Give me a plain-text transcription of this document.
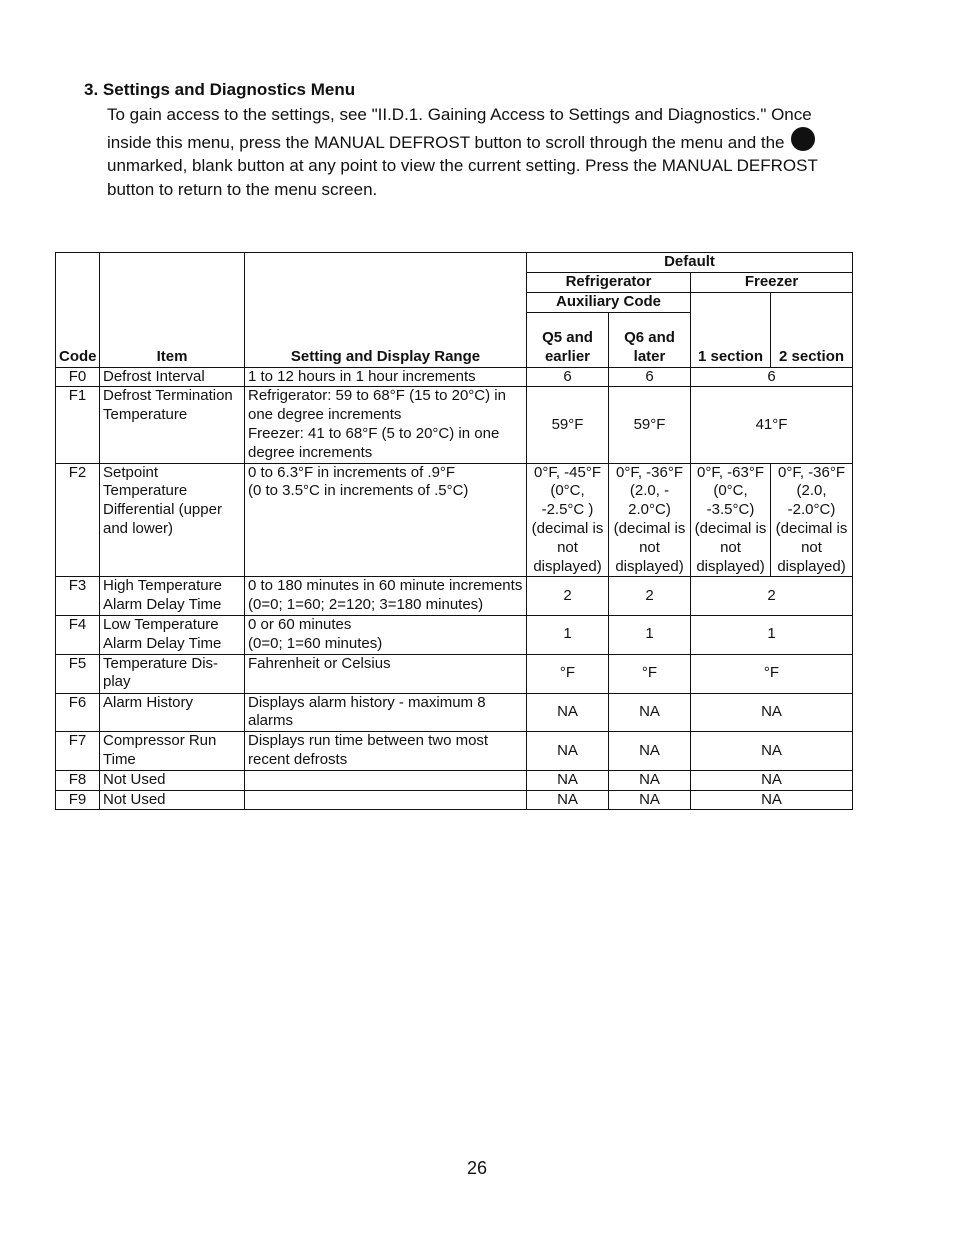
3. Settings and Diagnostics Menu

To gain access to the settings, see "II.D.1. Gaining Access to Settings and Diagnostics." Once inside this menu, press the MANUAL DEFROST button to scroll through the menu and the  unmarked, blank button at any point to view the current setting. Press the MANUAL DEFROST button to return to the menu screen.

Code	Item	Setting and Display Range	Default			
			Refrigerator		Freezer	
			Auxiliary Code		1 section	2 section
			Q5 and earlier	Q6 and later		
F0	Defrost Interval	1 to 12 hours in 1 hour increments	6	6	6	
F1	Defrost Termination Temperature	Refrigerator: 59 to 68°F (15 to 20°C) in one degree increments
Freezer: 41 to 68°F (5 to 20°C) in one degree increments	59°F	59°F	41°F	
F2	Setpoint Temperature Differential (upper and lower)	0 to 6.3°F in increments of .9°F
(0 to 3.5°C in increments of .5°C)	0°F, -45°F (0°C, -2.5°C ) (decimal is not displayed)	0°F, -36°F (2.0, - 2.0°C) (decimal is not displayed)	0°F, -63°F (0°C, -3.5°C) (decimal is not displayed)	0°F, -36°F (2.0, -2.0°C) (decimal is not displayed)
F3	High Temperature Alarm Delay Time	0 to 180 minutes in 60 minute increments
(0=0; 1=60; 2=120; 3=180 minutes)	2	2	2	
F4	Low Temperature Alarm Delay Time	0 or 60 minutes
(0=0; 1=60 minutes)	1	1	1	
F5	Temperature Dis-play	Fahrenheit or Celsius	°F	°F	°F	
F6	Alarm History	Displays alarm history - maximum 8 alarms	NA	NA	NA	
F7	Compressor Run Time	Displays run time between two most recent defrosts	NA	NA	NA	
F8	Not Used		NA	NA	NA	
F9	Not Used		NA	NA	NA	
26
